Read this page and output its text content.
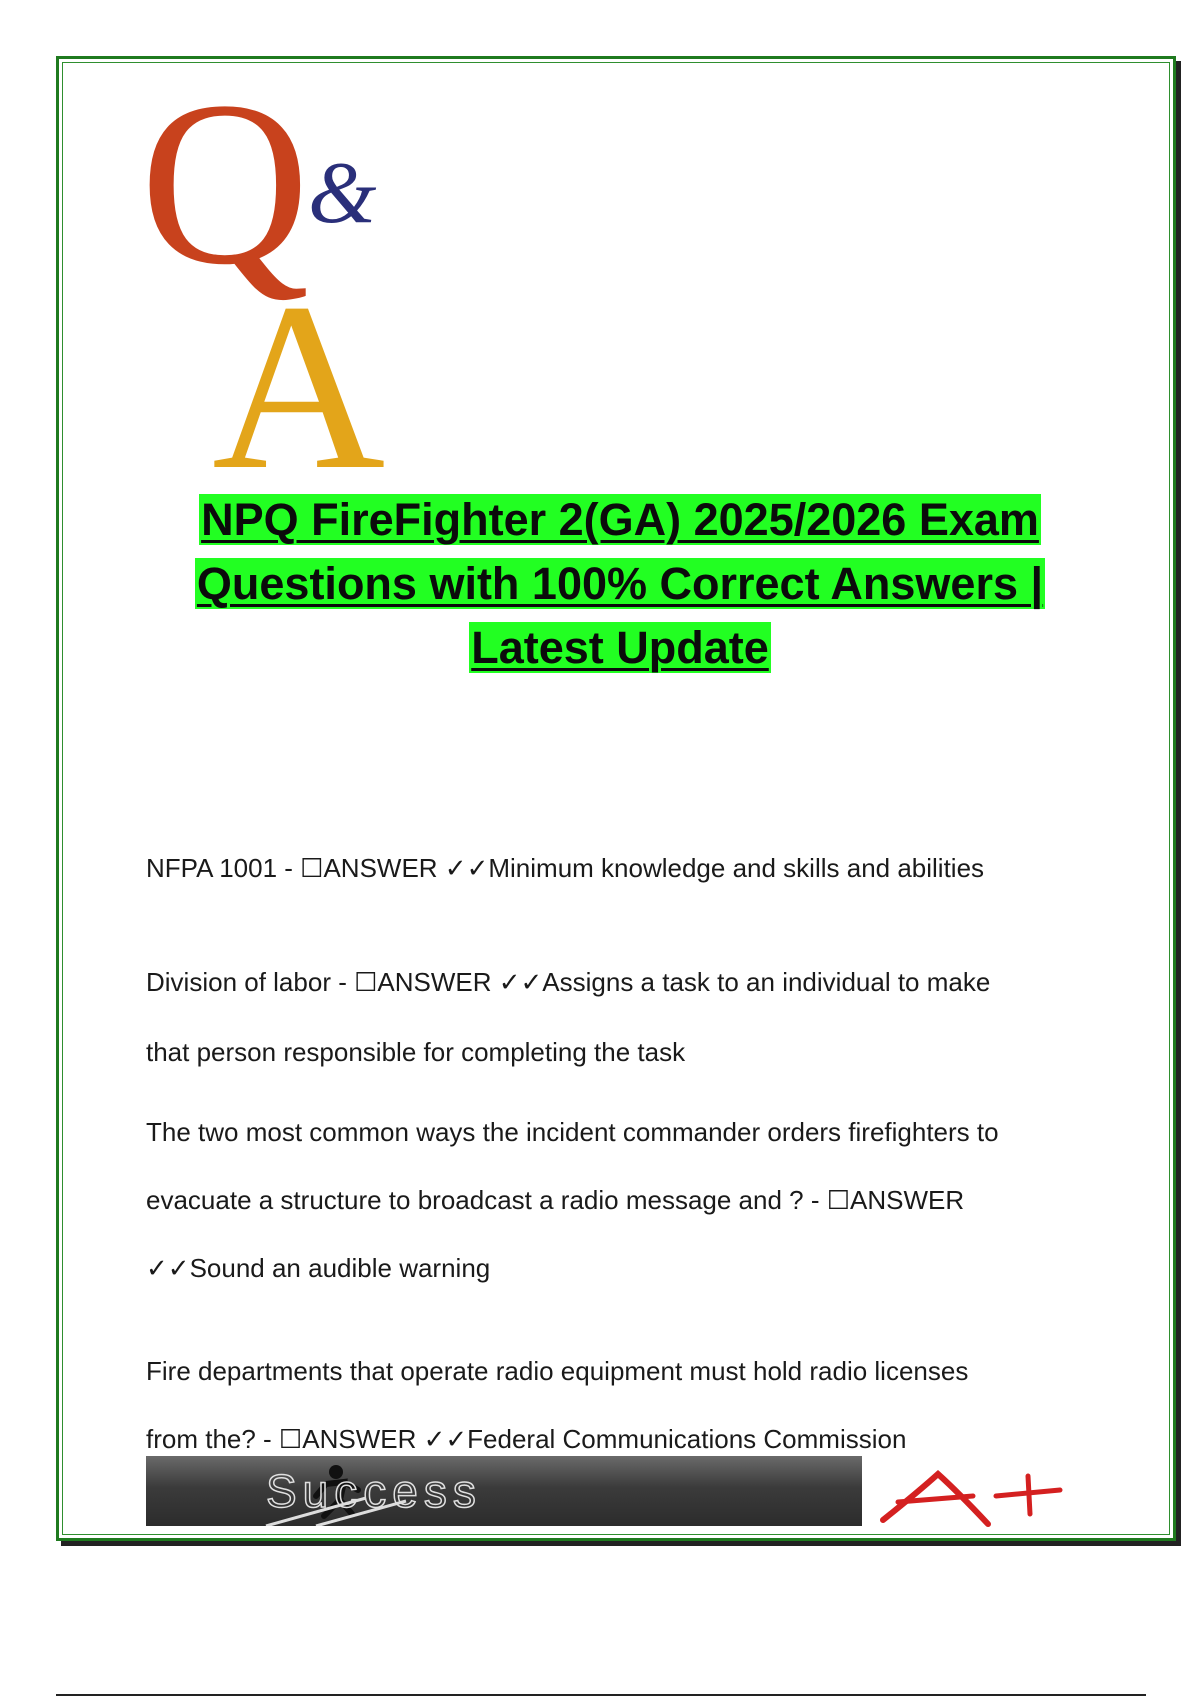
Q
&
A
NPQ FireFighter 2(GA) 2025/2026 Exam
Questions with 100% Correct Answers |
Latest Update

NFPA 1001 - ☐ANSWER ✓✓Minimum knowledge and skills and abilities

Division of labor - ☐ANSWER ✓✓Assigns a task to an individual to make

that person responsible for completing the task

The two most common ways the incident commander orders firefighters to

evacuate a structure to broadcast a radio message and ? - ☐ANSWER

✓✓Sound an audible warning

Fire departments that operate radio equipment must hold radio licenses

from the? - ☐ANSWER ✓✓Federal Communications Commission

Success
